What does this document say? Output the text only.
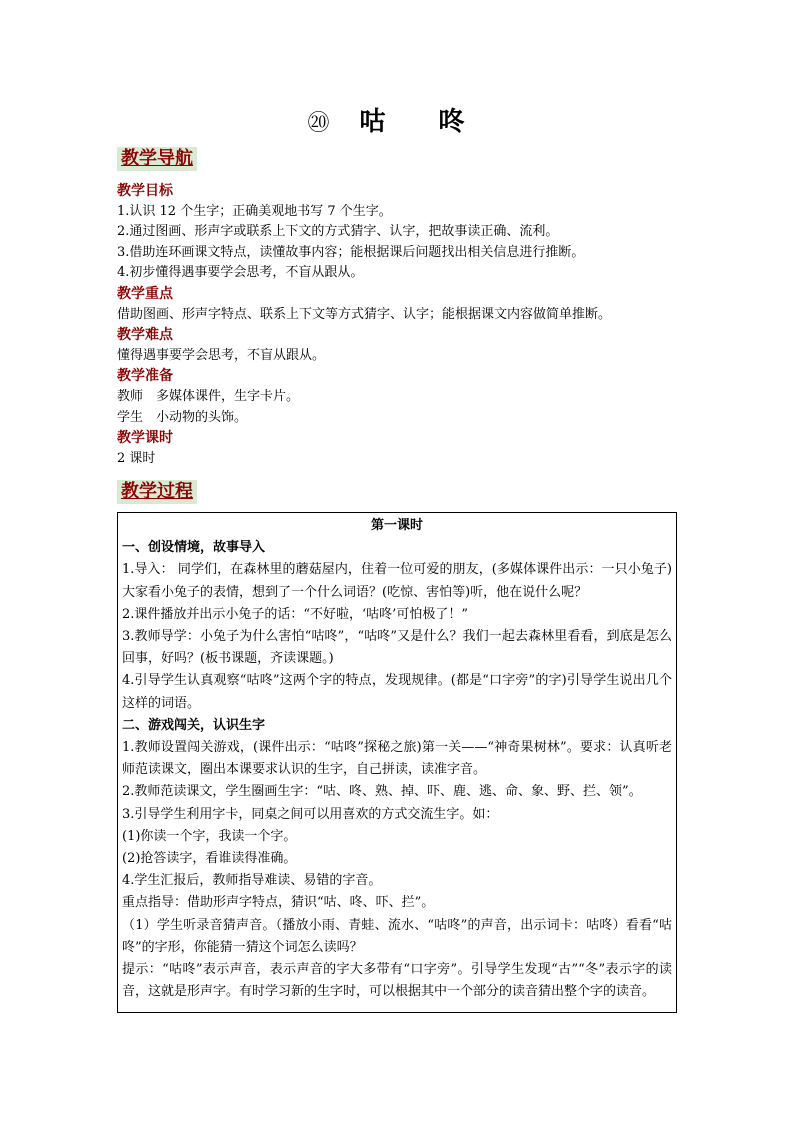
⑳ 咕 咚
教学导航
教学目标
1.认识 12 个生字；正确美观地书写 7 个生字。
2.通过图画、形声字或联系上下文的方式猜字、认字，把故事读正确、流利。
3.借助连环画课文特点，读懂故事内容；能根据课后问题找出相关信息进行推断。
4.初步懂得遇事要学会思考，不盲从跟从。
教学重点
借助图画、形声字特点、联系上下文等方式猜字、认字；能根据课文内容做简单推断。
教学难点
懂得遇事要学会思考，不盲从跟从。
教学准备
教师　多媒体课件，生字卡片。
学生　小动物的头饰。
教学课时
2 课时
教学过程
第一课时
一、创设情境，故事导入
1.导入： 同学们，在森林里的蘑菇屋内，住着一位可爱的朋友，(多媒体课件出示：一只小兔子)大家看小兔子的表情，想到了一个什么词语？(吃惊、害怕等)听，他在说什么呢？
2.课件播放并出示小兔子的话：“不好啦，‘咕咚’可怕极了！”
3.教师导学：小兔子为什么害怕“咕咚”，“咕咚”又是什么？我们一起去森林里看看，到底是怎么回事，好吗？(板书课题，齐读课题。)
4.引导学生认真观察“咕咚”这两个字的特点，发现规律。(都是“口字旁”的字)引导学生说出几个这样的词语。
二、游戏闯关，认识生字
1.教师设置闯关游戏，(课件出示：“咕咚”探秘之旅)第一关——“神奇果树林”。要求：认真听老师范读课文，圈出本课要求认识的生字，自己拼读，读准字音。
2.教师范读课文，学生圈画生字：“咕、咚、熟、掉、吓、鹿、逃、命、象、野、拦、领”。
3.引导学生利用字卡，同桌之间可以用喜欢的方式交流生字。如：
(1)你读一个字，我读一个字。
(2)抢答读字，看谁读得准确。
4.学生汇报后，教师指导难读、易错的字音。
重点指导：借助形声字特点，猜识“咕、咚、吓、拦”。
（1）学生听录音猜声音。（播放小雨、青蛙、流水、“咕咚”的声音，出示词卡：咕咚）看看“咕咚”的字形，你能猜一猜这个词怎么读吗？
提示：“咕咚”表示声音，表示声音的字大多带有“口字旁”。引导学生发现“古”“冬”表示字的读音，这就是形声字。有时学习新的生字时，可以根据其中一个部分的读音猜出整个字的读音。
